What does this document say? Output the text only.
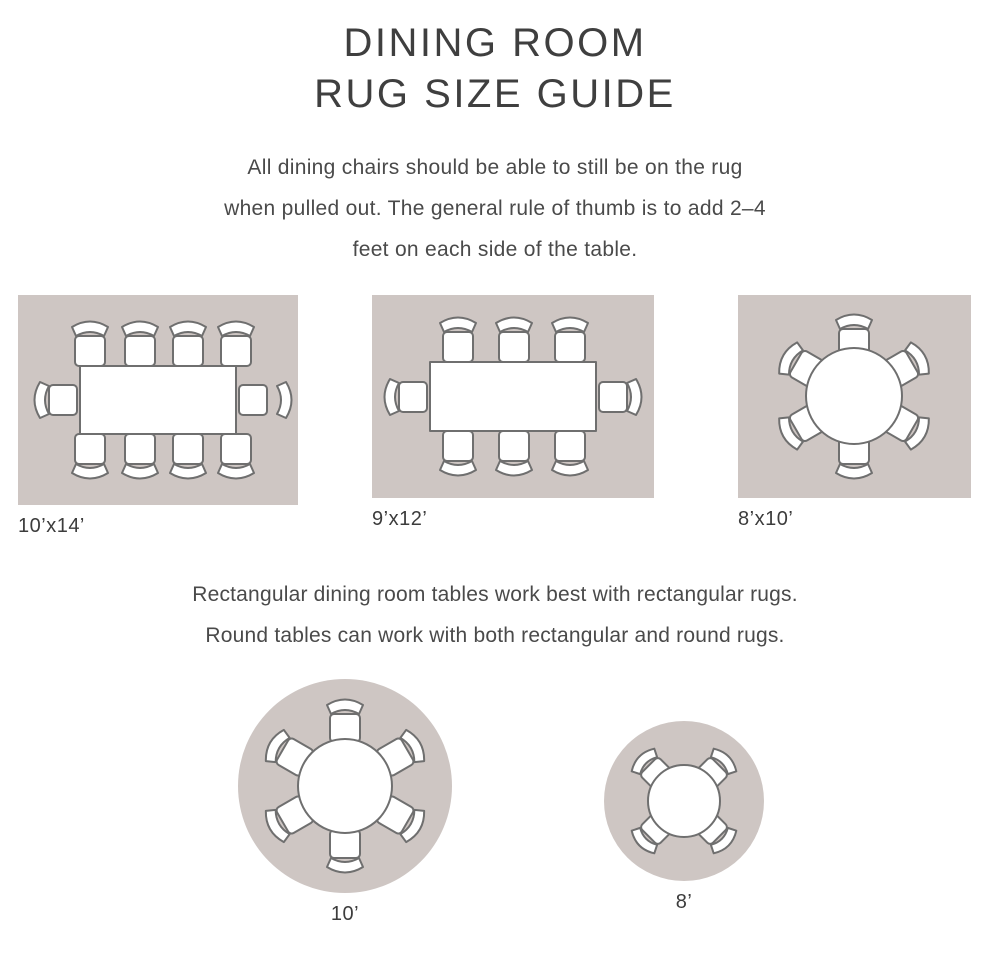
DINING ROOM
RUG SIZE GUIDE
All dining chairs should be able to still be on the rug
when pulled out. The general rule of thumb is to add 2–4
feet on each side of the table.
10’x14’	9’x12’	8’x10’
Rectangular dining room tables work best with rectangular rugs.
Round tables can work with both rectangular and round rugs.
10’
8’
